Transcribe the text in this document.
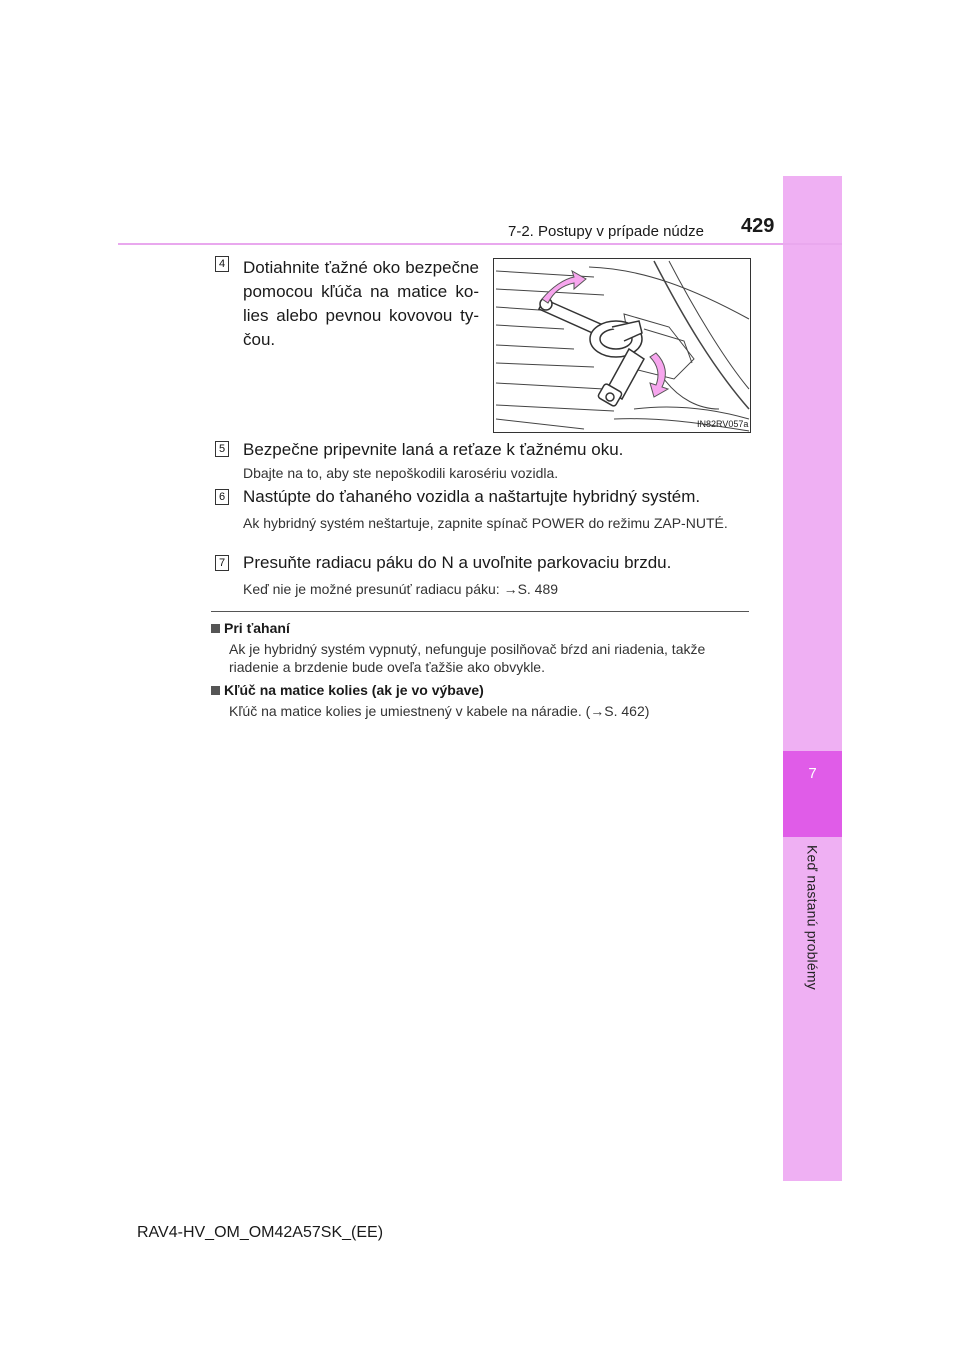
7
Keď nastanú problémy
7-2. Postupy v prípade núdze 429
4 Dotiahnite ťažné oko bezpečne pomocou kľúča na matice ko-lies alebo pevnou kovovou ty-čou.
IN82RV057a
5 Bezpečne pripevnite laná a reťaze k ťažnému oku.
Dbajte na to, aby ste nepoškodili karosériu vozidla.
6 Nastúpte do ťahaného vozidla a naštartujte hybridný systém.
Ak hybridný systém neštartuje, zapnite spínač POWER do režimu ZAP-NUTÉ.
7 Presuňte radiacu páku do N a uvoľnite parkovaciu brzdu.
Keď nie je možné presunúť radiacu páku: →S. 489
Pri ťahaní
Ak je hybridný systém vypnutý, nefunguje posilňovač bŕzd ani riadenia, takže riadenie a brzdenie bude oveľa ťažšie ako obvykle.
Kľúč na matice kolies (ak je vo výbave)
Kľúč na matice kolies je umiestnený v kabele na náradie. (→S. 462)
RAV4-HV_OM_OM42A57SK_(EE)
